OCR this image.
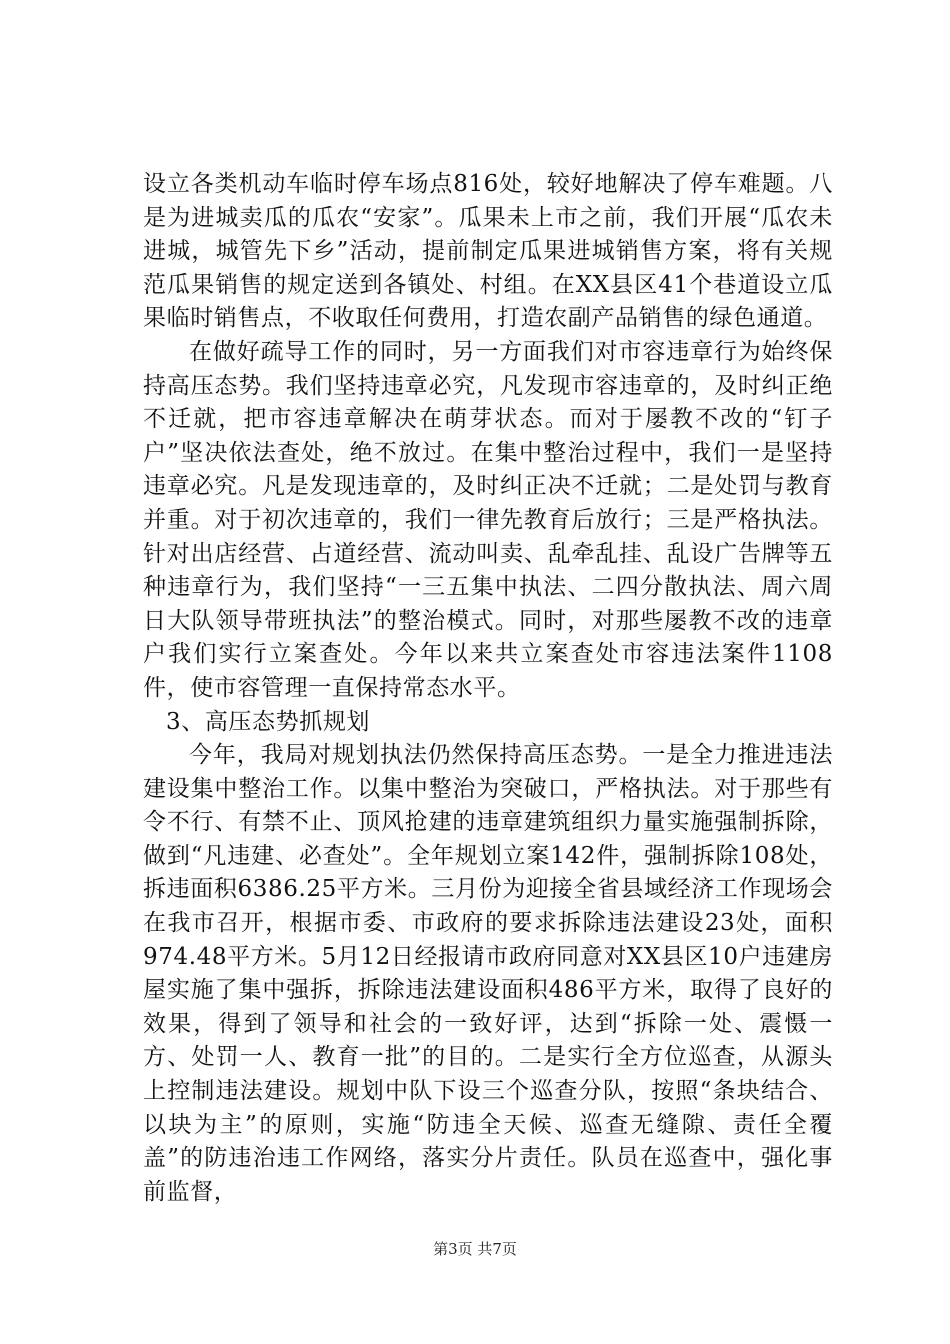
设立各类机动车临时停车场点816处，较好地解决了停车难题。八是为进城卖瓜的瓜农“安家”。瓜果未上市之前，我们开展“瓜农未进城，城管先下乡”活动，提前制定瓜果进城销售方案，将有关规范瓜果销售的规定送到各镇处、村组。在XX县区41个巷道设立瓜果临时销售点，不收取任何费用，打造农副产品销售的绿色通道。

在做好疏导工作的同时，另一方面我们对市容违章行为始终保持高压态势。我们坚持违章必究，凡发现市容违章的，及时纠正绝不迁就，把市容违章解决在萌芽状态。而对于屡教不改的“钉子户”坚决依法查处，绝不放过。在集中整治过程中，我们一是坚持违章必究。凡是发现违章的，及时纠正决不迁就；二是处罚与教育并重。对于初次违章的，我们一律先教育后放行；三是严格执法。针对出店经营、占道经营、流动叫卖、乱牵乱挂、乱设广告牌等五种违章行为，我们坚持“一三五集中执法、二四分散执法、周六周日大队领导带班执法”的整治模式。同时，对那些屡教不改的违章户我们实行立案查处。今年以来共立案查处市容违法案件1108件，使市容管理一直保持常态水平。

3、高压态势抓规划

今年，我局对规划执法仍然保持高压态势。一是全力推进违法建设集中整治工作。以集中整治为突破口，严格执法。对于那些有令不行、有禁不止、顶风抢建的违章建筑组织力量实施强制拆除，做到“凡违建、必查处”。全年规划立案142件，强制拆除108处，拆违面积6386.25平方米。三月份为迎接全省县域经济工作现场会在我市召开，根据市委、市政府的要求拆除违法建设23处，面积974.48平方米。5月12日经报请市政府同意对XX县区10户违建房屋实施了集中强拆，拆除违法建设面积486平方米，取得了良好的效果，得到了领导和社会的一致好评，达到“拆除一处、震慑一方、处罚一人、教育一批”的目的。二是实行全方位巡查，从源头上控制违法建设。规划中队下设三个巡查分队，按照“条块结合、以块为主”的原则，实施“防违全天候、巡查无缝隙、责任全覆盖”的防违治违工作网络，落实分片责任。队员在巡查中，强化事前监督，

第3页 共7页
